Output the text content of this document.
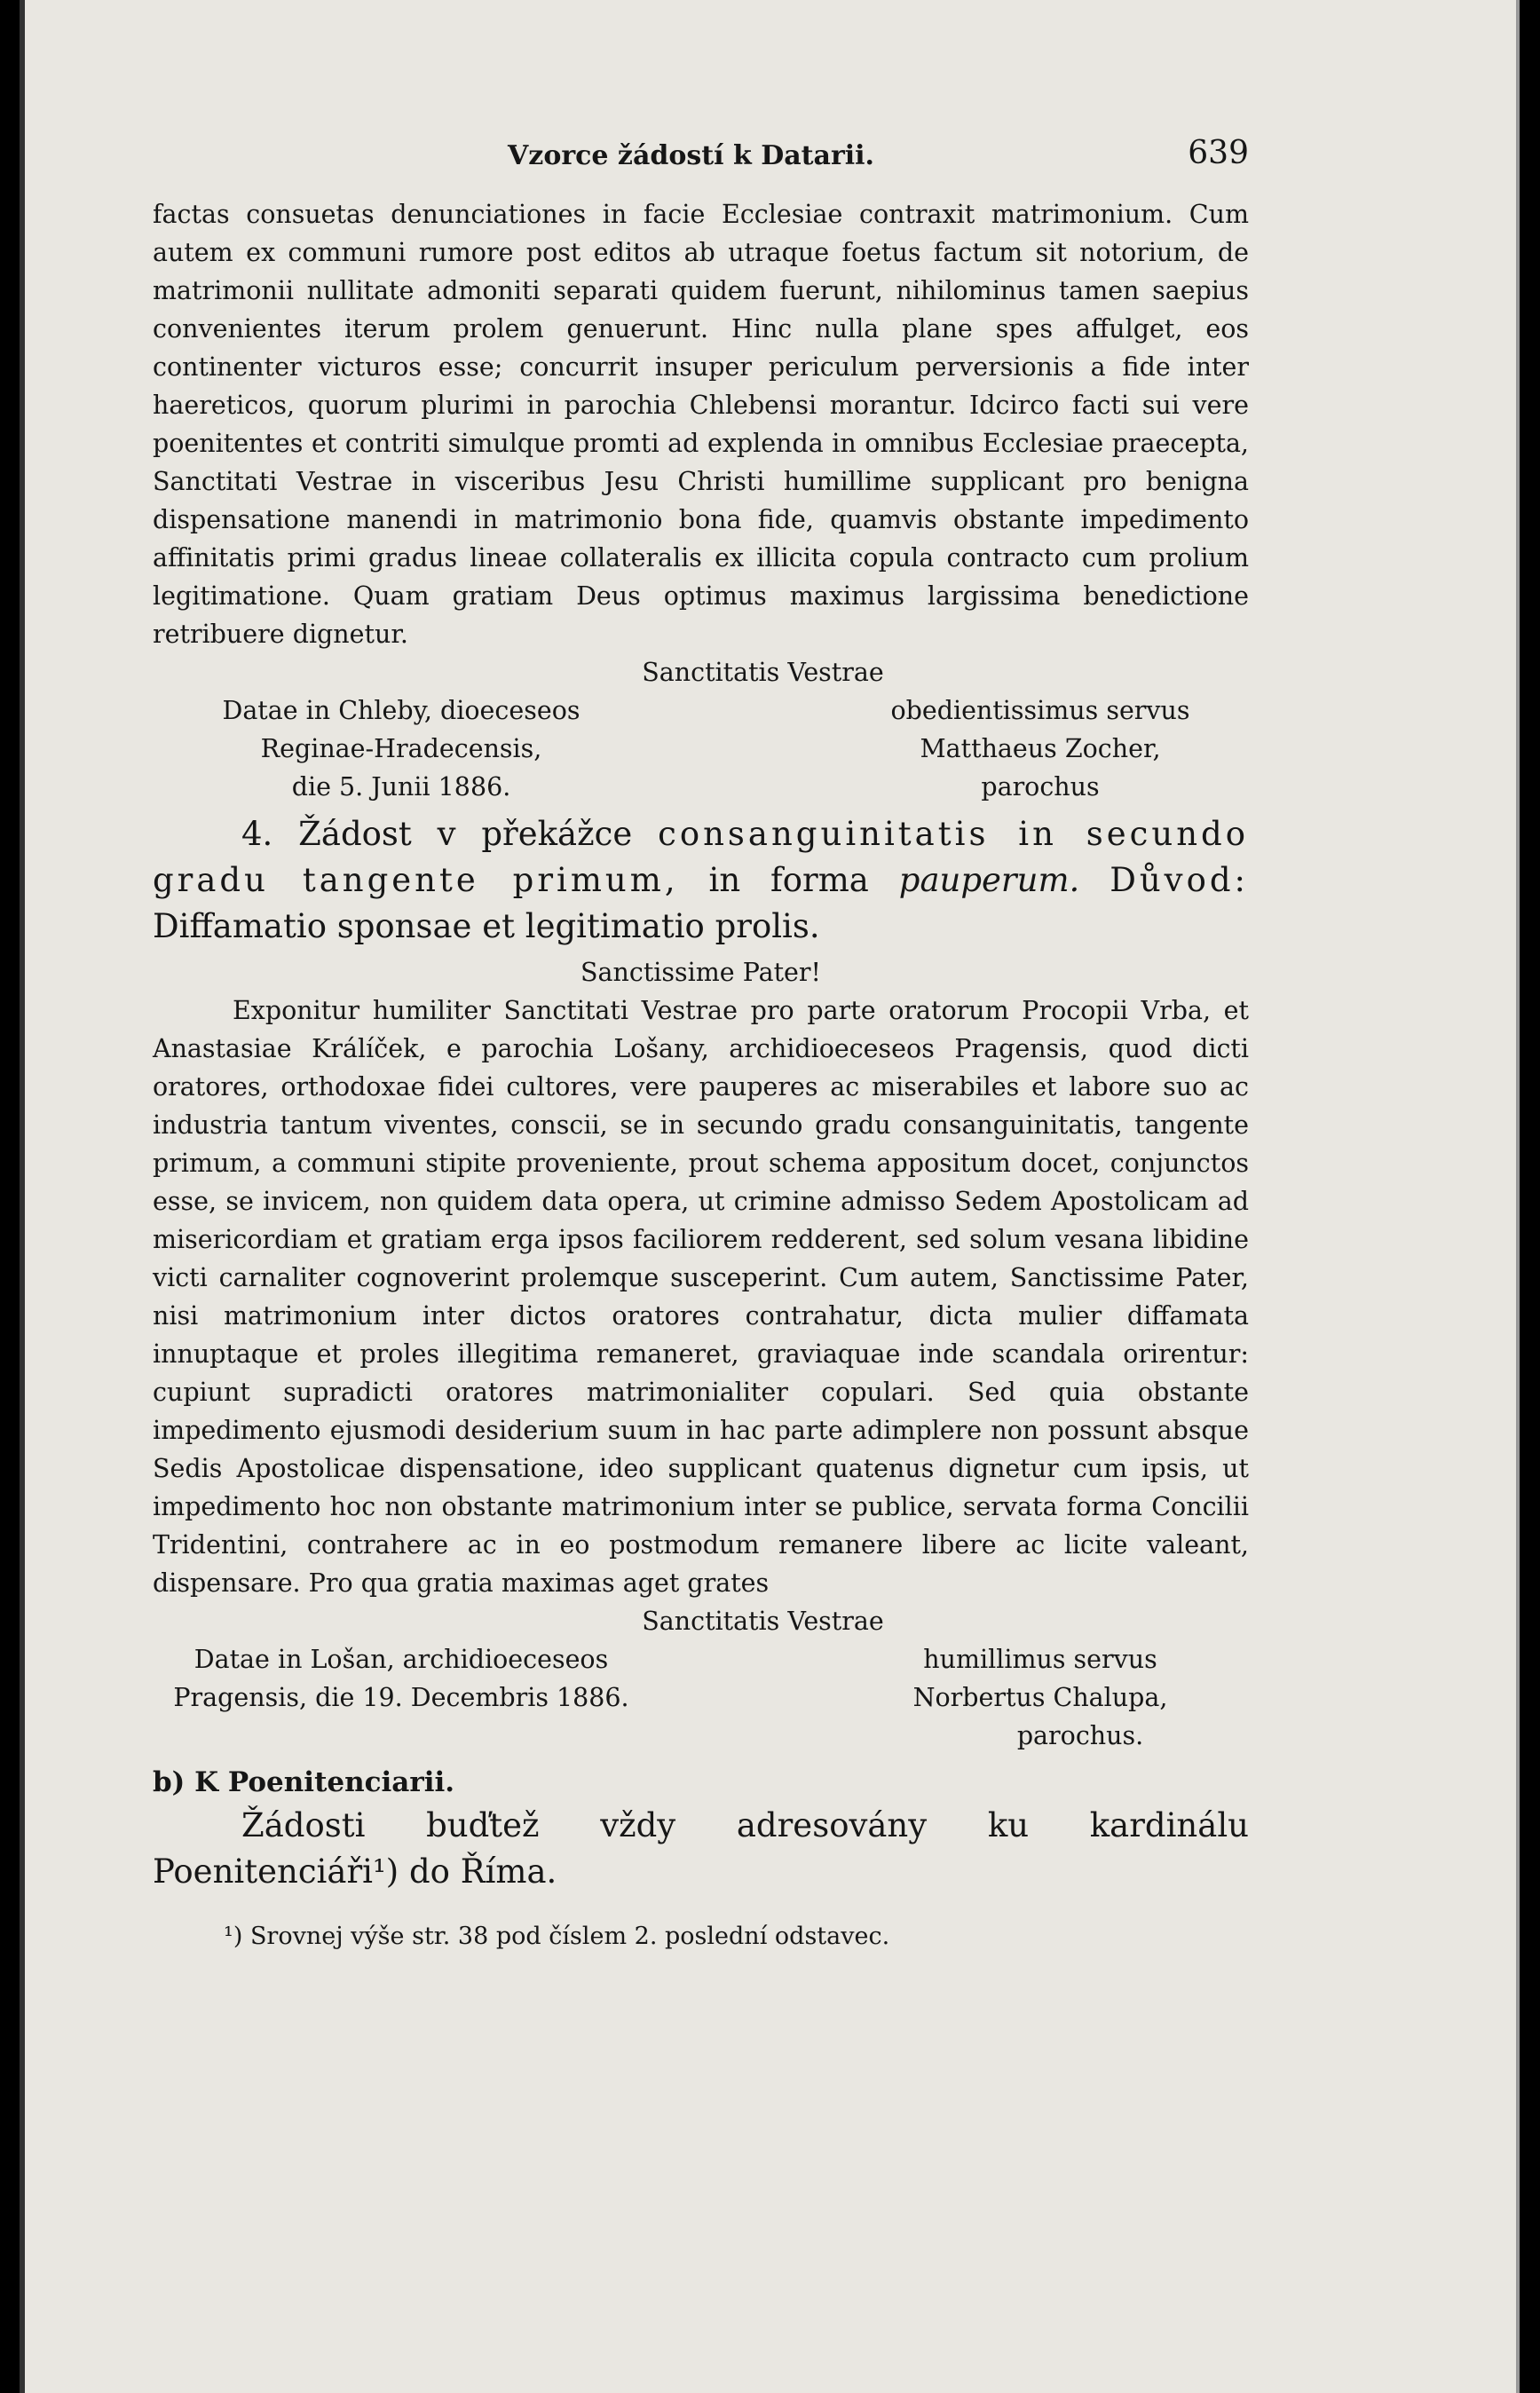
Vzorce žádostí k Datarii.	639

factas consuetas denunciationes in facie Ecclesiae contraxit matrimonium. Cum autem ex communi rumore post editos ab utraque foetus factum sit notorium, de matrimonii nullitate admoniti separati quidem fuerunt, nihilominus tamen saepius convenientes iterum prolem genuerunt. Hinc nulla plane spes affulget, eos continenter victuros esse; concurrit insuper periculum perversionis a fide inter haereticos, quorum plurimi in parochia Chlebensi morantur. Idcirco facti sui vere poenitentes et contriti simulque promti ad explenda in omnibus Ecclesiae praecepta, Sanctitati Vestrae in visceribus Jesu Christi humillime supplicant pro benigna dispensatione manendi in matrimonio bona fide, quamvis obstante impedimento affinitatis primi gradus lineae collateralis ex illicita copula contracto cum prolium legitimatione. Quam gratiam Deus optimus maximus largissima benedictione retribuere dignetur.

Sanctitatis Vestrae

Datae in Chleby, dioeceseos
Reginae-Hradecensis,
die 5. Junii 1886.
obedientissimus servus
Matthaeus Zocher,
parochus

4. Žádost v překážce consanguinitatis in secundo gradu tangente primum, in forma pauperum. Důvod: Diffamatio sponsae et legitimatio prolis.

Sanctissime Pater!

Exponitur humiliter Sanctitati Vestrae pro parte oratorum Procopii Vrba, et Anastasiae Králíček, e parochia Lošany, archidioeceseos Pragensis, quod dicti oratores, orthodoxae fidei cultores, vere pauperes ac miserabiles et labore suo ac industria tantum viventes, conscii, se in secundo gradu consanguinitatis, tangente primum, a communi stipite proveniente, prout schema appositum docet, conjunctos esse, se invicem, non quidem data opera, ut crimine admisso Sedem Apostolicam ad misericordiam et gratiam erga ipsos faciliorem redderent, sed solum vesana libidine victi carnaliter cognoverint prolemque susceperint. Cum autem, Sanctissime Pater, nisi matrimonium inter dictos oratores contrahatur, dicta mulier diffamata innuptaque et proles illegitima remaneret, graviaquae inde scandala orirentur: cupiunt supradicti oratores matrimonialiter copulari. Sed quia obstante impedimento ejusmodi desiderium suum in hac parte adimplere non possunt absque Sedis Apostolicae dispensatione, ideo supplicant quatenus dignetur cum ipsis, ut impedimento hoc non obstante matrimonium inter se publice, servata forma Concilii Tridentini, contrahere ac in eo postmodum remanere libere ac licite valeant, dispensare. Pro qua gratia maximas aget grates

Sanctitatis Vestrae

Datae in Lošan, archidioeceseos
Pragensis, die 19. Decembris 1886.
humillimus servus
Norbertus Chalupa,
parochus.

b) K Poenitenciarii.

Žádosti buďtež vždy adresovány ku kardinálu Poenitenciáři¹) do Říma.

¹) Srovnej výše str. 38 pod číslem 2. poslední odstavec.
